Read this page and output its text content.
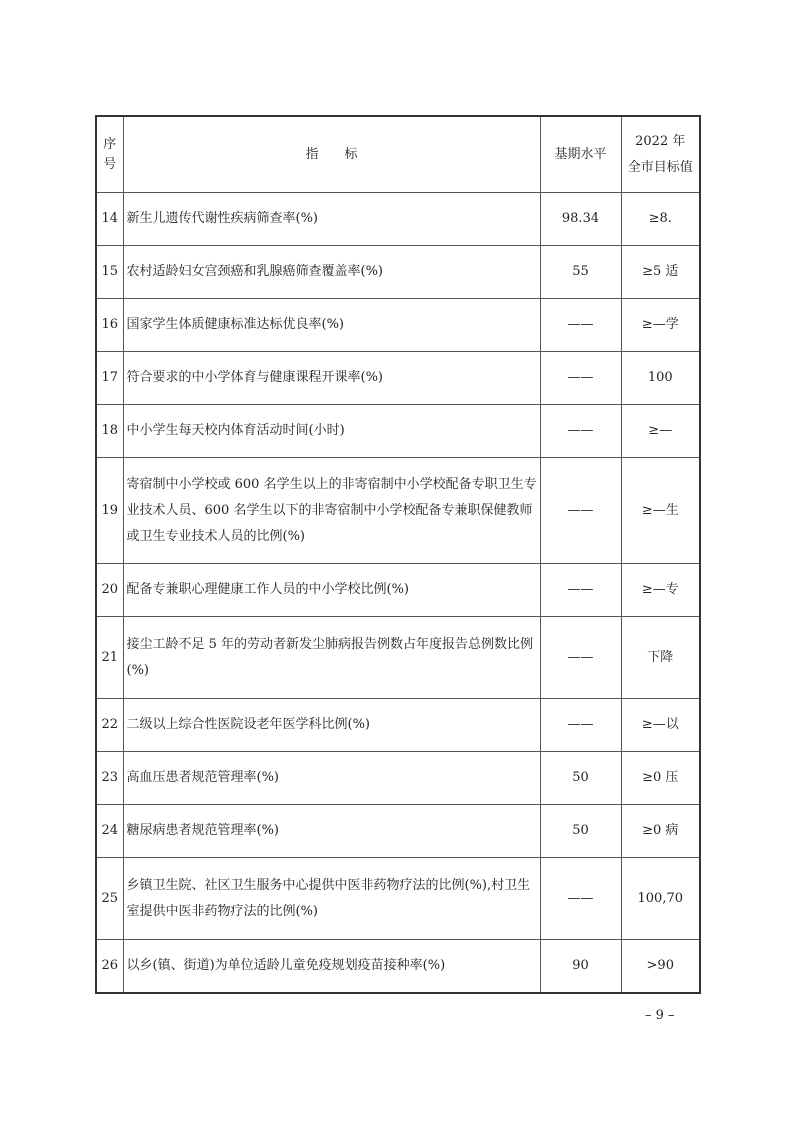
序号	指　　标	基期水平	2022 年
全市目标值

14	新生儿遗传代谢性疾病筛查率(%)	98.34	≥8.
15	农村适龄妇女宫颈癌和乳腺癌筛查覆盖率(%)	55	≥5 适
16	国家学生体质健康标准达标优良率(%)	——	≥—学
17	符合要求的中小学体育与健康课程开课率(%)	——	100
18	中小学生每天校内体育活动时间(小时)	——	≥—
19	寄宿制中小学校或 600 名学生以上的非寄宿制中小学校配备专职卫生专业技术人员、600 名学生以下的非寄宿制中小学校配备专兼职保健教师或卫生专业技术人员的比例(%)	——	≥—生
20	配备专兼职心理健康工作人员的中小学校比例(%)	——	≥—专
21	接尘工龄不足 5 年的劳动者新发尘肺病报告例数占年度报告总例数比例(%)	——	下降
22	二级以上综合性医院设老年医学科比例(%)	——	≥—以
23	高血压患者规范管理率(%)	50	≥0 压
24	糖尿病患者规范管理率(%)	50	≥0 病
25	乡镇卫生院、社区卫生服务中心提供中医非药物疗法的比例(%),村卫生室提供中医非药物疗法的比例(%)	——	100,70
26	以乡(镇、街道)为单位适龄儿童免疫规划疫苗接种率(%)	90	>90
– 9 –
